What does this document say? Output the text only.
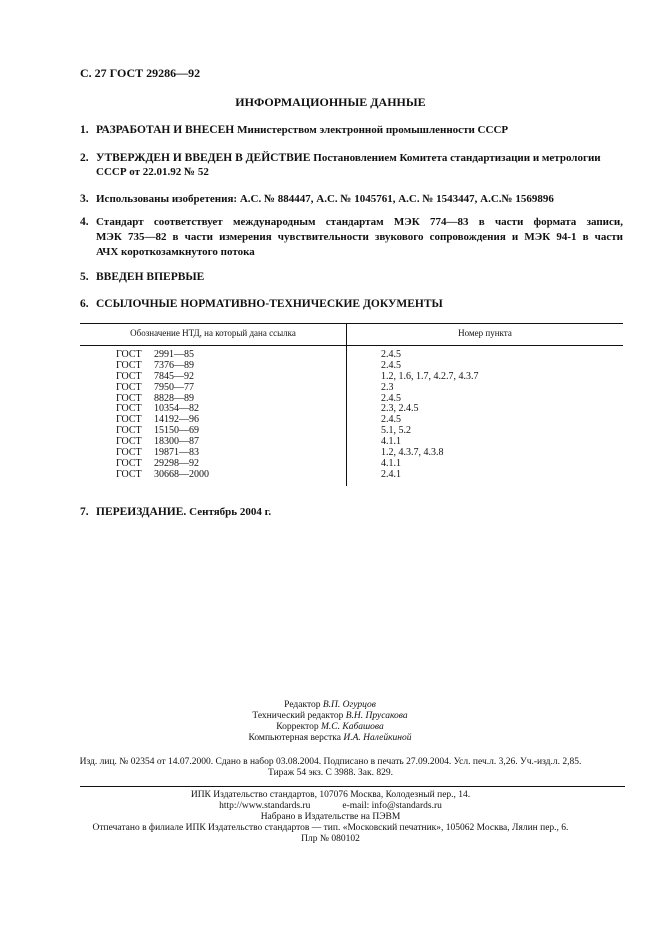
С. 27 ГОСТ 29286—92
ИНФОРМАЦИОННЫЕ ДАННЫЕ
1. РАЗРАБОТАН И ВНЕСЕН Министерством электронной промышленности СССР
2. УТВЕРЖДЕН И ВВЕДЕН В ДЕЙСТВИЕ Постановлением Комитета стандартизации и метрологии
СССР от 22.01.92 № 52
3. Использованы изобретения: А.С. № 884447, А.С. № 1045761, А.С. № 1543447, А.С.№ 1569896
4. Стандарт соответствует международным стандартам МЭК 774—83 в части формата записи,
МЭК 735—82 в части измерения чувствительности звукового сопровождения и МЭК 94-1 в части
АЧХ короткозамкнутого потока
5. ВВЕДЕН ВПЕРВЫЕ
6. ССЫЛОЧНЫЕ НОРМАТИВНО-ТЕХНИЧЕСКИЕ ДОКУМЕНТЫ
Обозначение НТД, на который дана ссылка	Номер пункта
ГОСТ 2991—85	2.4.5
ГОСТ 7376—89	2.4.5
ГОСТ 7845—92	1.2, 1.6, 1.7, 4.2.7, 4.3.7
ГОСТ 7950—77	2.3
ГОСТ 8828—89	2.4.5
ГОСТ 10354—82	2.3, 2.4.5
ГОСТ 14192—96	2.4.5
ГОСТ 15150—69	5.1, 5.2
ГОСТ 18300—87	4.1.1
ГОСТ 19871—83	1.2, 4.3.7, 4.3.8
ГОСТ 29298—92	4.1.1
ГОСТ 30668—2000	2.4.1
7. ПЕРЕИЗДАНИЕ. Сентябрь 2004 г.
Редактор В.П. Огурцов
Технический редактор В.Н. Прусакова
Корректор М.С. Кабашова
Компьютерная верстка И.А. Налейкиной
Изд. лиц. № 02354 от 14.07.2000. Сдано в набор 03.08.2004. Подписано в печать 27.09.2004. Усл. печ.л. 3,26. Уч.-изд.л. 2,85.
Тираж 54 экз. С 3988. Зак. 829.
ИПК Издательство стандартов, 107076 Москва, Колодезный пер., 14.
http://www.standards.ru	e-mail: info@standards.ru
Набрано в Издательстве на ПЭВМ
Отпечатано в филиале ИПК Издательство стандартов — тип. «Московский печатник», 105062 Москва, Лялин пер., 6.
Плр № 080102
